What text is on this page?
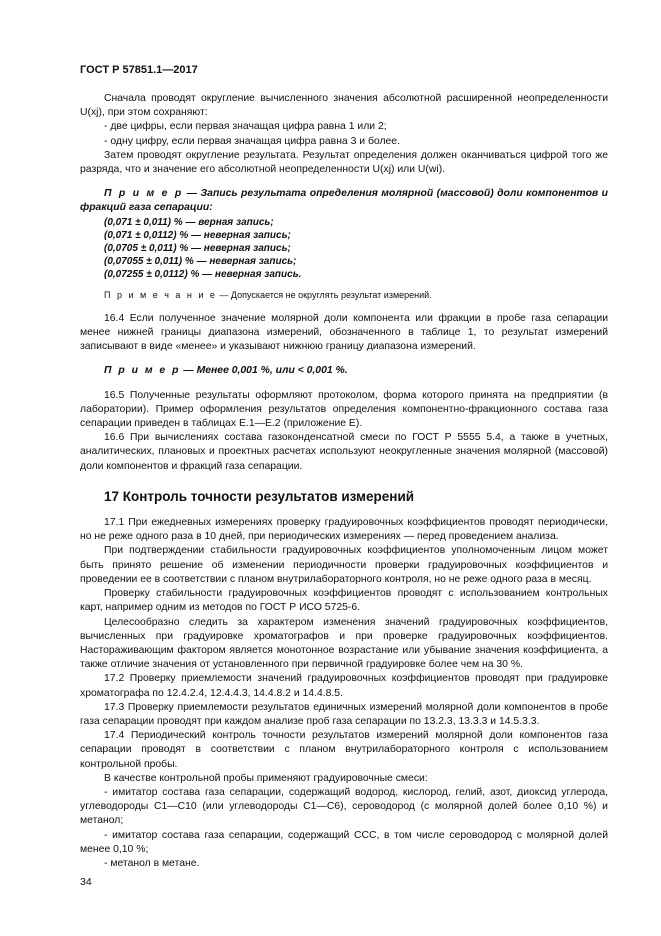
ГОСТ Р 57851.1—2017

Сначала проводят округление вычисленного значения абсолютной расширенной неопределенности U(xj), при этом сохраняют:

- две цифры, если первая значащая цифра равна 1 или 2;

- одну цифру, если первая значащая цифра равна 3 и более.

Затем проводят округление результата. Результат определения должен оканчиваться цифрой того же разряда, что и значение его абсолютной неопределенности U(xj) или U(wi).

П р и м е р — Запись результата определения молярной (массовой) доли компонентов и фракций газа сепарации:

(0,071 ± 0,011) % — верная запись;
(0,071 ± 0,0112) % — неверная запись;
(0,0705 ± 0,011) % — неверная запись;
(0,07055 ± 0,011) % — неверная запись;
(0,07255 ± 0,0112) % — неверная запись.

П р и м е ч а н и е — Допускается не округлять результат измерений.

16.4 Если полученное значение молярной доли компонента или фракции в пробе газа сепарации менее нижней границы диапазона измерений, обозначенного в таблице 1, то результат измерений записывают в виде «менее» и указывают нижнюю границу диапазона измерений.

П р и м е р — Менее 0,001 %, или < 0,001 %.

16.5 Полученные результаты оформляют протоколом, форма которого принята на предприятии (в лаборатории). Пример оформления результатов определения компонентно-фракционного состава газа сепарации приведен в таблицах Е.1—Е.2 (приложение Е).

16.6 При вычислениях состава газоконденсатной смеси по ГОСТ Р 5555 5.4, а также в учетных, аналитических, плановых и проектных расчетах используют неокругленные значения молярной (массовой) доли компонентов и фракций газа сепарации.

17 Контроль точности результатов измерений

17.1 При ежедневных измерениях проверку градуировочных коэффициентов проводят периодически, но не реже одного раза в 10 дней, при периодических измерениях — перед проведением анализа.

При подтверждении стабильности градуировочных коэффициентов уполномоченным лицом может быть принято решение об изменении периодичности проверки градуировочных коэффициентов и проведении ее в соответствии с планом внутрилабораторного контроля, но не реже одного раза в месяц.

Проверку стабильности градуировочных коэффициентов проводят с использованием контрольных карт, например одним из методов по ГОСТ Р ИСО 5725-6.

Целесообразно следить за характером изменения значений градуировочных коэффициентов, вычисленных при градуировке хроматографов и при проверке градуировочных коэффициентов. Настораживающим фактором является монотонное возрастание или убывание значения коэффициента, а также отличие значения от установленного при первичной градуировке более чем на 30 %.

17.2 Проверку приемлемости значений градуировочных коэффициентов проводят при градуировке хроматографа по 12.4.2.4, 12.4.4.3, 14.4.8.2 и 14.4.8.5.

17.3 Проверку приемлемости результатов единичных измерений молярной доли компонентов в пробе газа сепарации проводят при каждом анализе проб газа сепарации по 13.2.3, 13.3.3 и 14.5.3.3.

17.4 Периодический контроль точности результатов измерений молярной доли компонентов газа сепарации проводят в соответствии с планом внутрилабораторного контроля с использованием контрольной пробы.

В качестве контрольной пробы применяют градуировочные смеси:

- имитатор состава газа сепарации, содержащий водород, кислород, гелий, азот, диоксид углерода, углеводороды C1—C10 (или углеводороды C1—C6), сероводород (с молярной долей более 0,10 %) и метанол;

- имитатор состава газа сепарации, содержащий ССС, в том числе сероводород с молярной долей менее 0,10 %;

- метанол в метане.

34
